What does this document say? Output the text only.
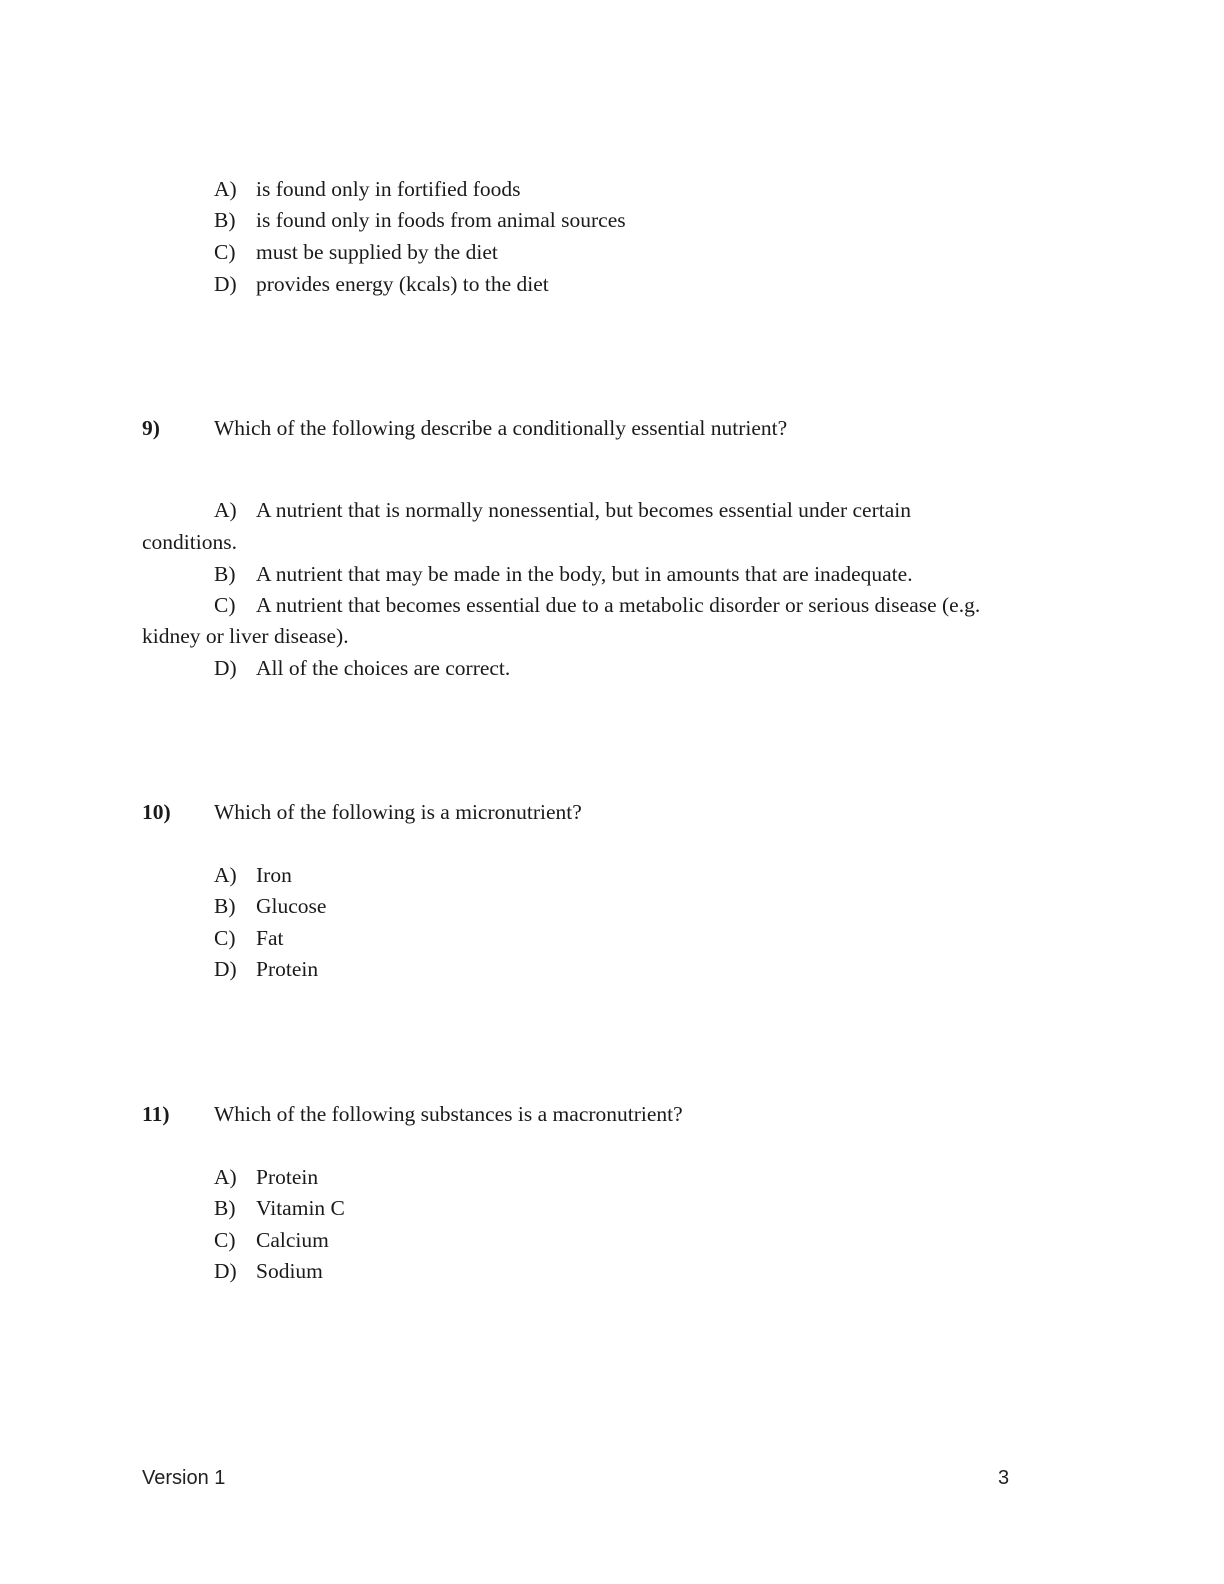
A) is found only in fortified foods
B) is found only in foods from animal sources
C) must be supplied by the diet
D) provides energy (kcals) to the diet
9)	Which of the following describe a conditionally essential nutrient?
A) A nutrient that is normally nonessential, but becomes essential under certain
conditions.
B) A nutrient that may be made in the body, but in amounts that are inadequate.
C) A nutrient that becomes essential due to a metabolic disorder or serious disease (e.g.
kidney or liver disease).
D) All of the choices are correct.
10) Which of the following is a micronutrient?
A) Iron
B) Glucose
C) Fat
D) Protein
11) Which of the following substances is a macronutrient?
A) Protein
B) Vitamin C
C) Calcium
D) Sodium
Version 1	3
